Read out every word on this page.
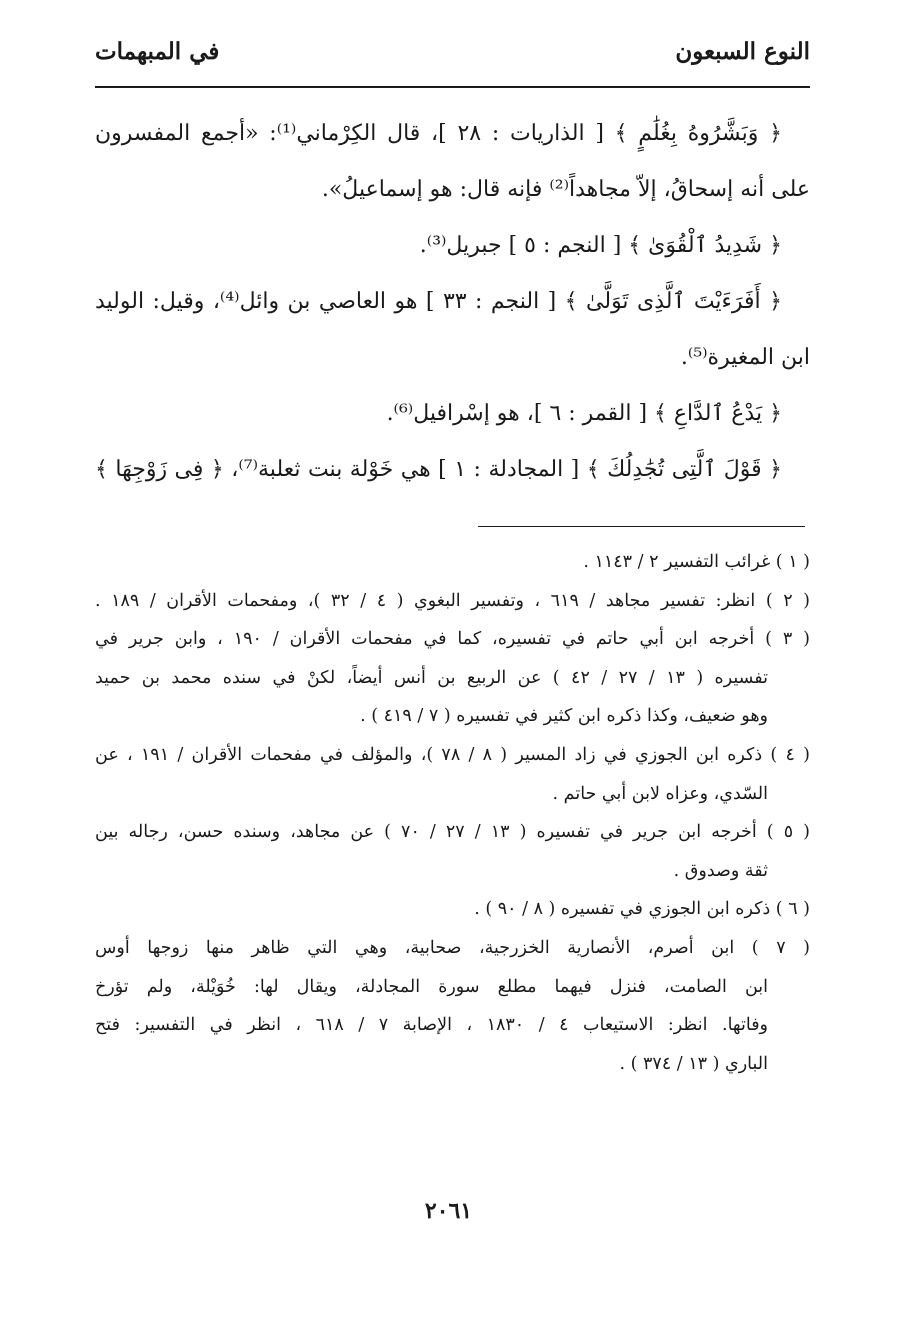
النوع السبعون
في المبهمات
﴿ وَبَشَّرُوهُ بِغُلَٰمٍ ﴾ [ الذاريات : ٢٨ ]، قال الكِرْماني⁽¹⁾: «أجمع المفسرون
على أنه إسحاقُ، إلاّ مجاهداً⁽²⁾ فإنه قال: هو إسماعيلُ».
﴿ شَدِيدُ ٱلْقُوَىٰ ﴾ [ النجم : ٥ ] جبريل⁽³⁾.
﴿ أَفَرَءَيْتَ ٱلَّذِى تَوَلَّىٰ ﴾ [ النجم : ٣٣ ] هو العاصي بن وائل⁽⁴⁾، وقيل: الوليد
ابن المغيرة⁽⁵⁾.
﴿ يَدْعُ ٱلدَّاعِ ﴾ [ القمر : ٦ ]، هو إسْرافيل⁽⁶⁾.
﴿ قَوْلَ ٱلَّتِى تُجَٰدِلُكَ ﴾ [ المجادلة : ١ ] هي خَوْلة بنت ثعلبة⁽⁷⁾، ﴿ فِى زَوْجِهَا ﴾
( ١ ) غرائب التفسير ٢ / ١١٤٣ .
( ٢ ) انظر: تفسير مجاهد / ٦١٩ ، وتفسير البغوي ( ٤ / ٣٢ )، ومفحمات الأقران / ١٨٩ .
( ٣ ) أخرجه ابن أبي حاتم في تفسيره، كما في مفحمات الأقران / ١٩٠ ، وابن جرير في
تفسيره ( ١٣ / ٢٧ / ٤٢ ) عن الربيع بن أنس أيضاً، لكنْ في سنده محمد بن حميد
وهو ضعيف، وكذا ذكره ابن كثير في تفسيره ( ٧ / ٤١٩ ) .
( ٤ ) ذكره ابن الجوزي في زاد المسير ( ٨ / ٧٨ )، والمؤلف في مفحمات الأقران / ١٩١ ، عن
السّدي، وعزاه لابن أبي حاتم .
( ٥ ) أخرجه ابن جرير في تفسيره ( ١٣ / ٢٧ / ٧٠ ) عن مجاهد، وسنده حسن، رجاله بين
ثقة وصدوق .
( ٦ ) ذكره ابن الجوزي في تفسيره ( ٨ / ٩٠ ) .
( ٧ ) ابن أصرم، الأنصارية الخزرجية، صحابية، وهي التي ظاهر منها زوجها أوس
ابن الصامت، فنزل فيهما مطلع سورة المجادلة، ويقال لها: خُوَيْلة، ولم تؤرخ
وفاتها. انظر: الاستيعاب ٤ / ١٨٣٠ ، الإصابة ٧ / ٦١٨ ، انظر في التفسير: فتح
الباري ( ١٣ / ٣٧٤ ) .
٢٠٦١
